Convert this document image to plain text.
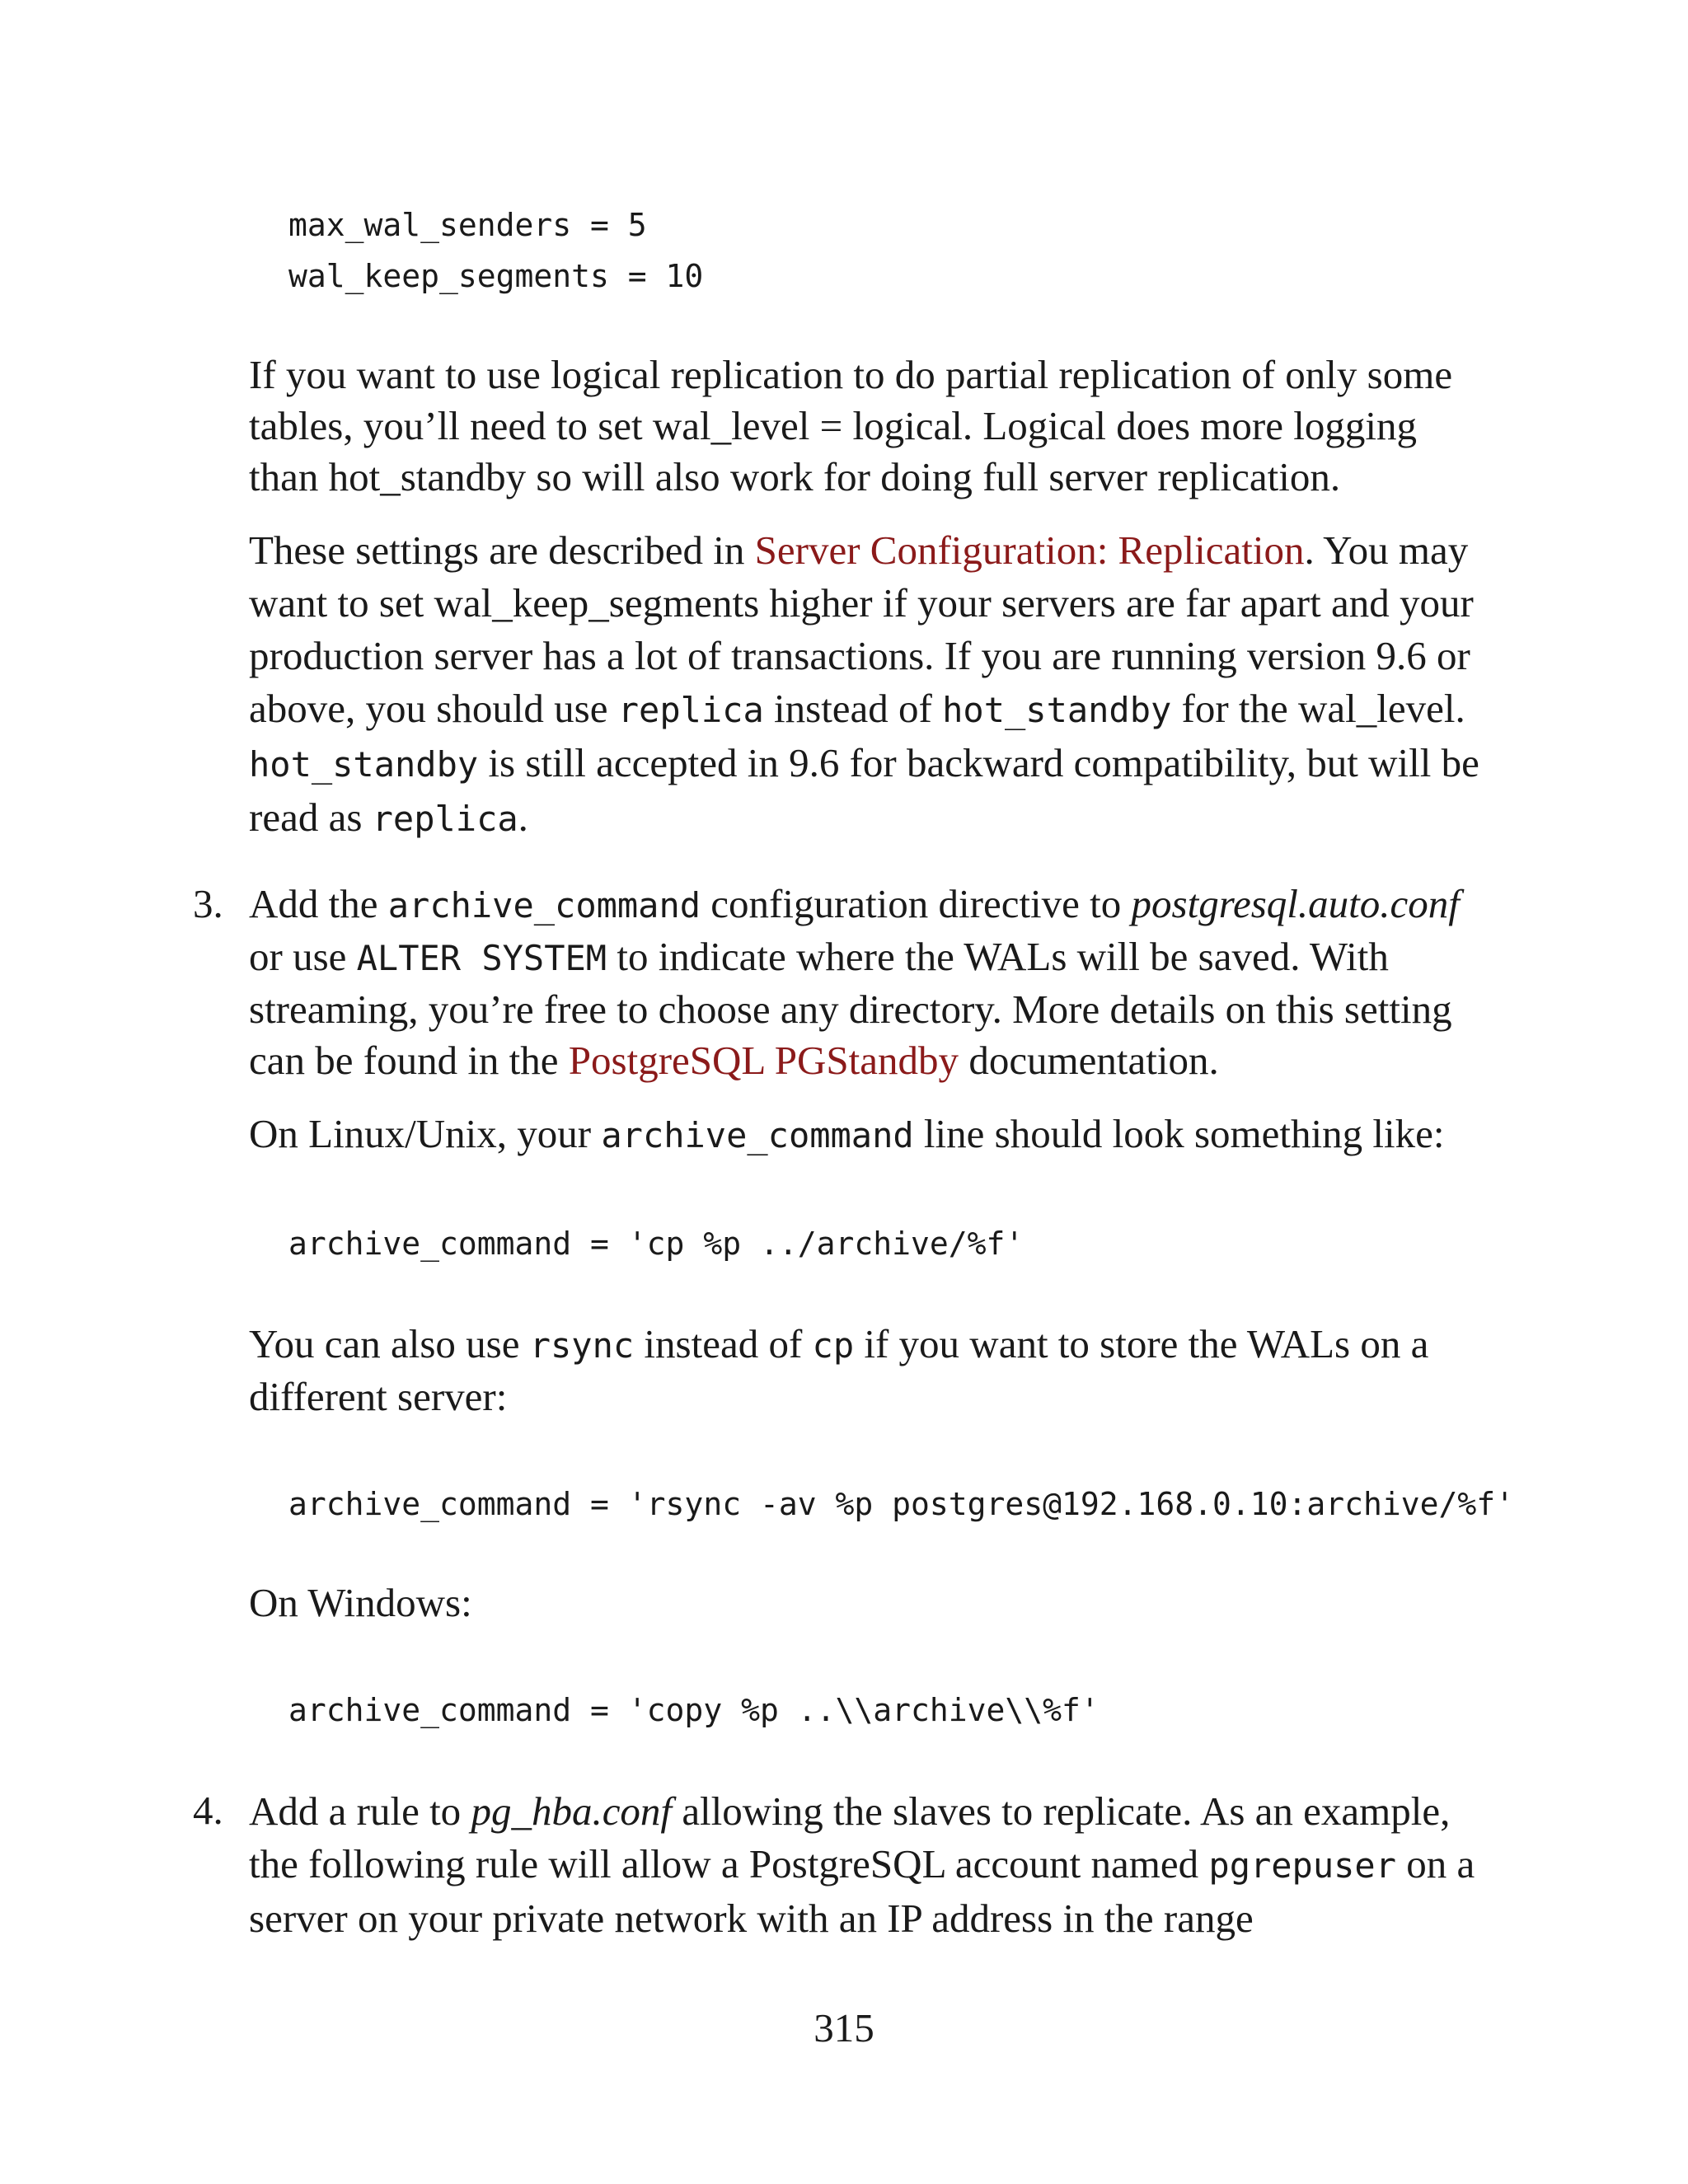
max_wal_senders = 5
wal_keep_segments = 10

If you want to use logical replication to do partial replication of only some
tables, you’ll need to set wal_level = logical. Logical does more logging
than hot_standby so will also work for doing full server replication.

These settings are described in Server Configuration: Replication. You may want to set wal_keep_segments higher if your servers are far apart and your production server has a lot of transactions. If you are running version 9.6 or above, you should use replica instead of hot_standby for the wal_level. hot_standby is still accepted in 9.6 for backward compatibility, but will be read as replica.

3. Add the archive_command configuration directive to postgresql.auto.conf or use ALTER SYSTEM to indicate where the WALs will be saved. With streaming, you’re free to choose any directory. More details on this setting can be found in the PostgreSQL PGStandby documentation.

On Linux/Unix, your archive_command line should look something like:

archive_command = 'cp %p ../archive/%f'

You can also use rsync instead of cp if you want to store the WALs on a different server:

archive_command = 'rsync -av %p postgres@192.168.0.10:archive/%f'

On Windows:

archive_command = 'copy %p ..\\archive\\%f'
4. Add a rule to pg_hba.conf allowing the slaves to replicate. As an example, the following rule will allow a PostgreSQL account named pgrepuser on a server on your private network with an IP address in the range

315
